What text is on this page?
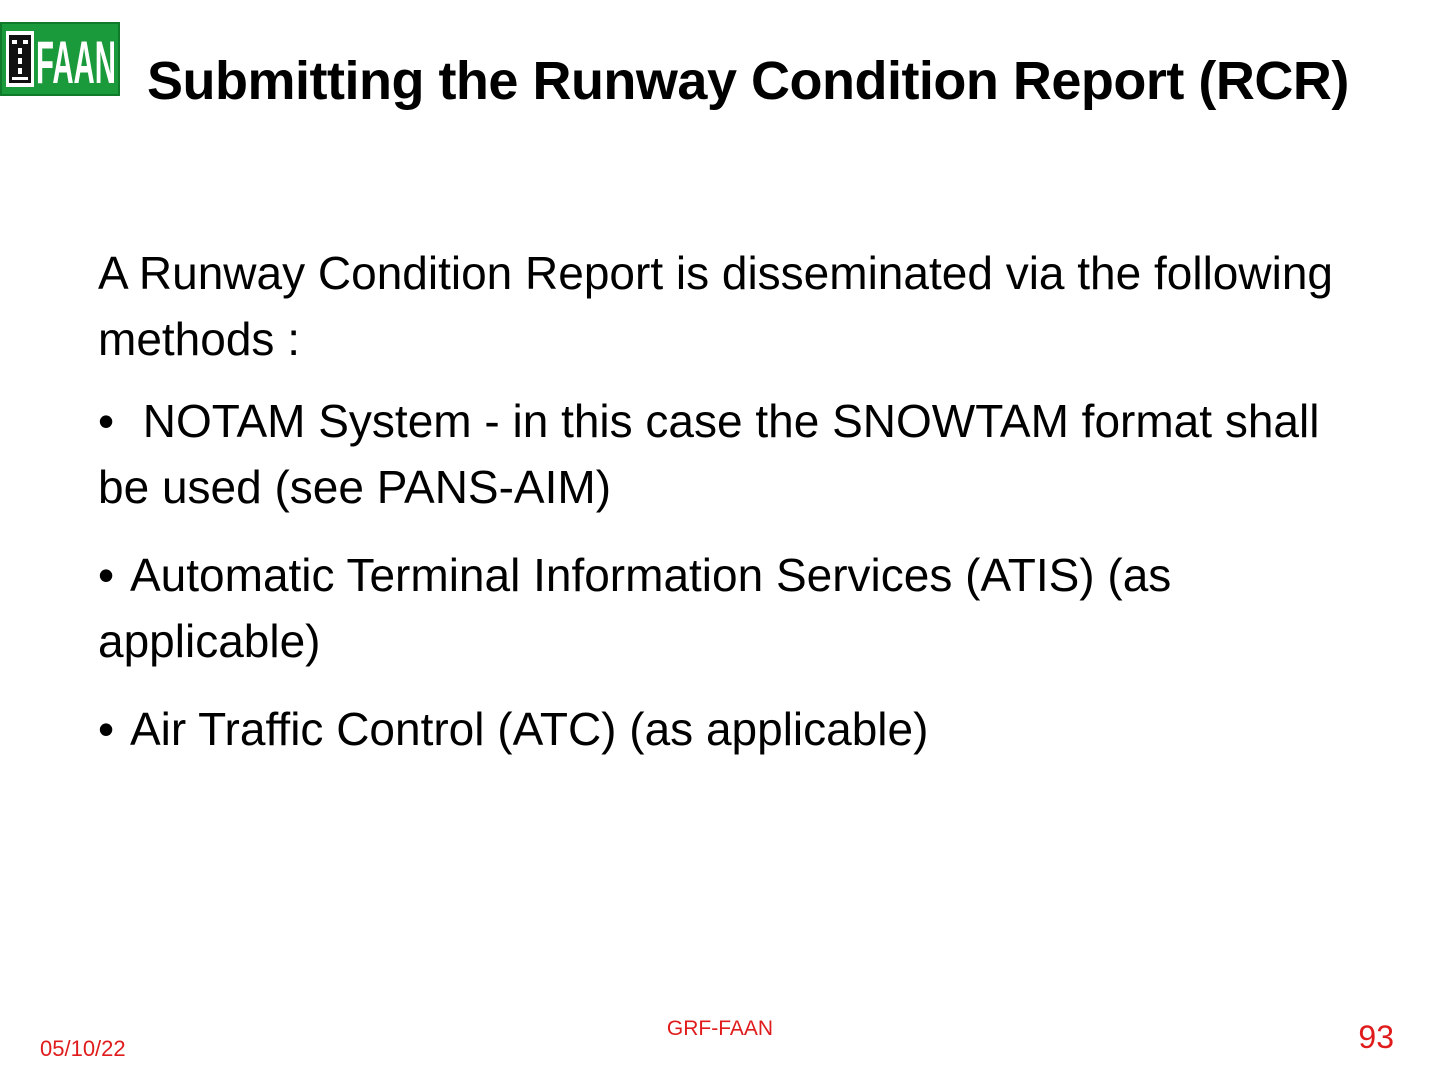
FAAN Submitting the Runway Condition Report (RCR)

A Runway Condition Report is disseminated via the following methods :

• NOTAM System - in this case the SNOWTAM format shall be used (see PANS-AIM)
• Automatic Terminal Information Services (ATIS) (as applicable)
• Air Traffic Control (ATC) (as applicable)
05/10/22
GRF-FAAN	93
